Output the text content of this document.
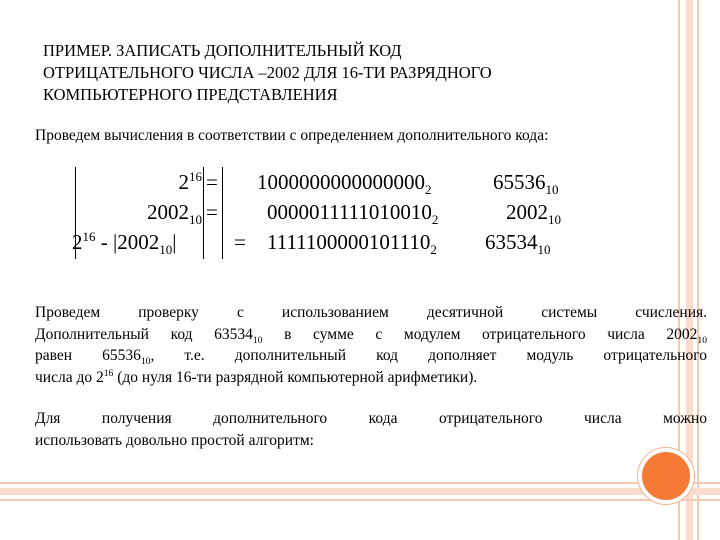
ПРИМЕР. ЗАПИСАТЬ ДОПОЛНИТЕЛЬНЫЙ КОД
ОТРИЦАТЕЛЬНОГО ЧИСЛА –2002 ДЛЯ 16-ТИ РАЗРЯДНОГО
КОМПЬЮТЕРНОГО ПРЕДСТАВЛЕНИЯ
Проведем вычисления в соответствии с определением дополнительного кода:
$2^{16} = 1000000000000000_2$	$65536_{10}$
$2002_{10} = 0000011111010010_2$	$2002_{10}$
$2^{16} - |2002_{10}|$	= $1111100000101110_2$ $63534_{10}$
Проведем проверку с использованием десятичной системы счисления.
Дополнительный код $63534_{10}$ в сумме с модулем отрицательного числа $2002_{10}$
равен $65536_{10}$, т.е. дополнительный код дополняет модуль отрицательного
числа до $2^{16}$ (до нуля 16-ти разрядной компьютерной арифметики).
Для получения дополнительного кода отрицательного числа можно
использовать довольно простой алгоритм:
